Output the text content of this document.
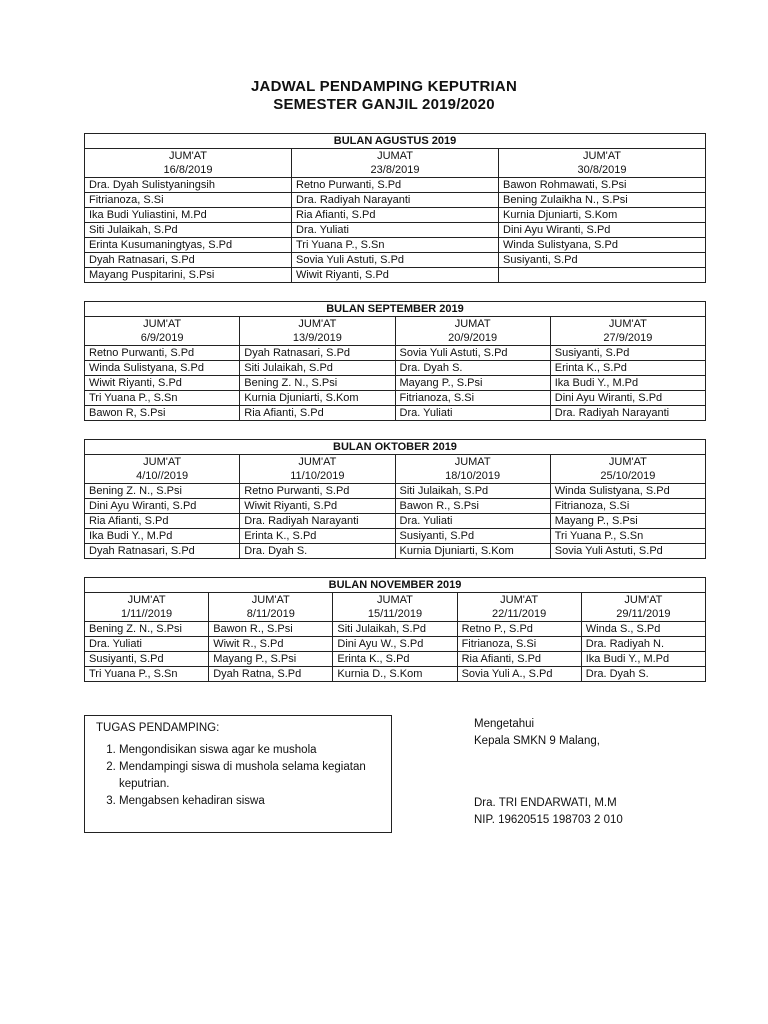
JADWAL PENDAMPING KEPUTRIAN
SEMESTER GANJIL 2019/2020
BULAN AGUSTUS 2019		
JUM'AT	JUMAT	JUM'AT
16/8/2019	23/8/2019	30/8/2019
Dra. Dyah Sulistyaningsih	Retno Purwanti, S.Pd	Bawon Rohmawati, S.Psi
Fitrianoza, S.Si	Dra. Radiyah Narayanti	Bening Zulaikha N., S.Psi
Ika Budi Yuliastini, M.Pd	Ria Afianti, S.Pd	Kurnia Djuniarti, S.Kom
Siti Julaikah, S.Pd	Dra. Yuliati	Dini Ayu Wiranti, S.Pd
Erinta Kusumaningtyas, S.Pd	Tri Yuana P., S.Sn	Winda Sulistyana, S.Pd
Dyah Ratnasari, S.Pd	Sovia Yuli Astuti, S.Pd	Susiyanti, S.Pd
Mayang Puspitarini, S.Psi	Wiwit Riyanti, S.Pd	
BULAN SEPTEMBER 2019			
JUM'AT	JUM'AT	JUMAT	JUM'AT
6/9/2019	13/9/2019	20/9/2019	27/9/2019
Retno Purwanti, S.Pd	Dyah Ratnasari, S.Pd	Sovia Yuli Astuti, S.Pd	Susiyanti, S.Pd
Winda Sulistyana, S.Pd	Siti Julaikah, S.Pd	Dra. Dyah S.	Erinta K., S.Pd
Wiwit Riyanti, S.Pd	Bening Z. N., S.Psi	Mayang P., S.Psi	Ika Budi Y., M.Pd
Tri Yuana P., S.Sn	Kurnia Djuniarti, S.Kom	Fitrianoza, S.Si	Dini Ayu Wiranti, S.Pd
Bawon R, S.Psi	Ria Afianti, S.Pd	Dra. Yuliati	Dra. Radiyah Narayanti
BULAN OKTOBER 2019			
JUM'AT	JUM'AT	JUMAT	JUM'AT
4/10//2019	11/10/2019	18/10/2019	25/10/2019
Bening Z. N., S.Psi	Retno Purwanti, S.Pd	Siti Julaikah, S.Pd	Winda Sulistyana, S.Pd
Dini Ayu Wiranti, S.Pd	Wiwit Riyanti, S.Pd	Bawon R., S.Psi	Fitrianoza, S.Si
Ria Afianti, S.Pd	Dra. Radiyah Narayanti	Dra. Yuliati	Mayang P., S.Psi
Ika Budi Y., M.Pd	Erinta K., S.Pd	Susiyanti, S.Pd	Tri Yuana P., S.Sn
Dyah Ratnasari, S.Pd	Dra. Dyah S.	Kurnia Djuniarti, S.Kom	Sovia Yuli Astuti, S.Pd
BULAN NOVEMBER 2019				
JUM'AT	JUM'AT	JUMAT	JUM'AT	JUM'AT
1/11//2019	8/11/2019	15/11/2019	22/11/2019	29/11/2019
Bening Z. N., S.Psi	Bawon R., S.Psi	Siti Julaikah, S.Pd	Retno P., S.Pd	Winda S., S.Pd
Dra. Yuliati	Wiwit R., S.Pd	Dini Ayu W., S.Pd	Fitrianoza, S.Si	Dra. Radiyah N.
Susiyanti, S.Pd	Mayang P., S.Psi	Erinta K., S.Pd	Ria Afianti, S.Pd	Ika Budi Y., M.Pd
Tri Yuana P., S.Sn	Dyah Ratna, S.Pd	Kurnia D., S.Kom	Sovia Yuli A., S.Pd	Dra. Dyah S.
TUGAS PENDAMPING:
1. Mengondisikan siswa agar ke mushola
2. Mendampingi siswa di mushola selama kegiatan keputrian.
3. Mengabsen kehadiran siswa
Mengetahui
Kepala SMKN 9 Malang,
Dra. TRI ENDARWATI, M.M
NIP. 19620515 198703 2 010
